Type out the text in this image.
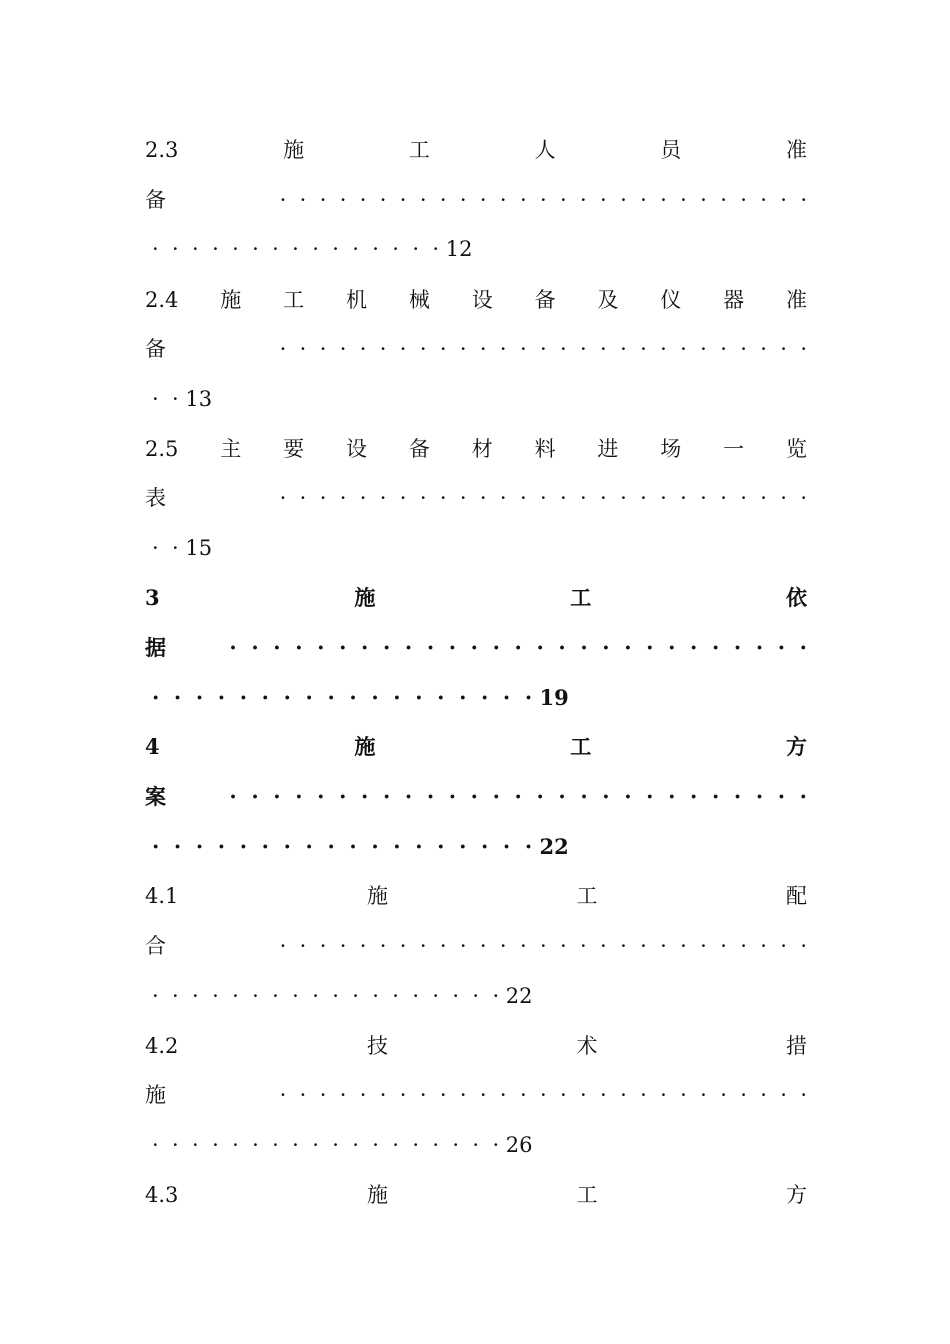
2.3	施	工	人	员	准
备	·  ·  ·  ·  ·  ·  ·  ·  ·  ·  ·  ·  ·  ·  ·  ·  ·  ·  ·  ·  ·  ·  ·  ·  ·  ·  ·
·  ·  ·  ·  ·  ·  ·  ·  ·  ·  ·  ·  ·  ·  · 12
2.4 施 工 机 械 设 备 及 仪 器 准
备	·  ·  ·  ·  ·  ·  ·  ·  ·  ·  ·  ·  ·  ·  ·  ·  ·  ·  ·  ·  ·  ·  ·  ·  ·  ·  ·
·  · 13
2.5 主 要 设 备 材 料 进 场 一 览
表	·  ·  ·  ·  ·  ·  ·  ·  ·  ·  ·  ·  ·  ·  ·  ·  ·  ·  ·  ·  ·  ·  ·  ·  ·  ·  ·
·  · 15
3	施	工	依
据	·  ·  ·  ·  ·  ·  ·  ·  ·  ·  ·  ·  ·  ·  ·  ·  ·  ·  ·  ·  ·  ·  ·  ·  ·  ·  ·
·  ·  ·  ·  ·  ·  ·  ·  ·  ·  ·  ·  ·  ·  ·  ·  ·  · 19
4	施	工	方
案	·  ·  ·  ·  ·  ·  ·  ·  ·  ·  ·  ·  ·  ·  ·  ·  ·  ·  ·  ·  ·  ·  ·  ·  ·  ·  ·
·  ·  ·  ·  ·  ·  ·  ·  ·  ·  ·  ·  ·  ·  ·  ·  ·  · 22
4.1	施	工	配
合	·  ·  ·  ·  ·  ·  ·  ·  ·  ·  ·  ·  ·  ·  ·  ·  ·  ·  ·  ·  ·  ·  ·  ·  ·  ·  ·
·  ·  ·  ·  ·  ·  ·  ·  ·  ·  ·  ·  ·  ·  ·  ·  ·  · 22
4.2	技	术	措
施	·  ·  ·  ·  ·  ·  ·  ·  ·  ·  ·  ·  ·  ·  ·  ·  ·  ·  ·  ·  ·  ·  ·  ·  ·  ·  ·
·  ·  ·  ·  ·  ·  ·  ·  ·  ·  ·  ·  ·  ·  ·  ·  ·  · 26
4.3	施	工	方
